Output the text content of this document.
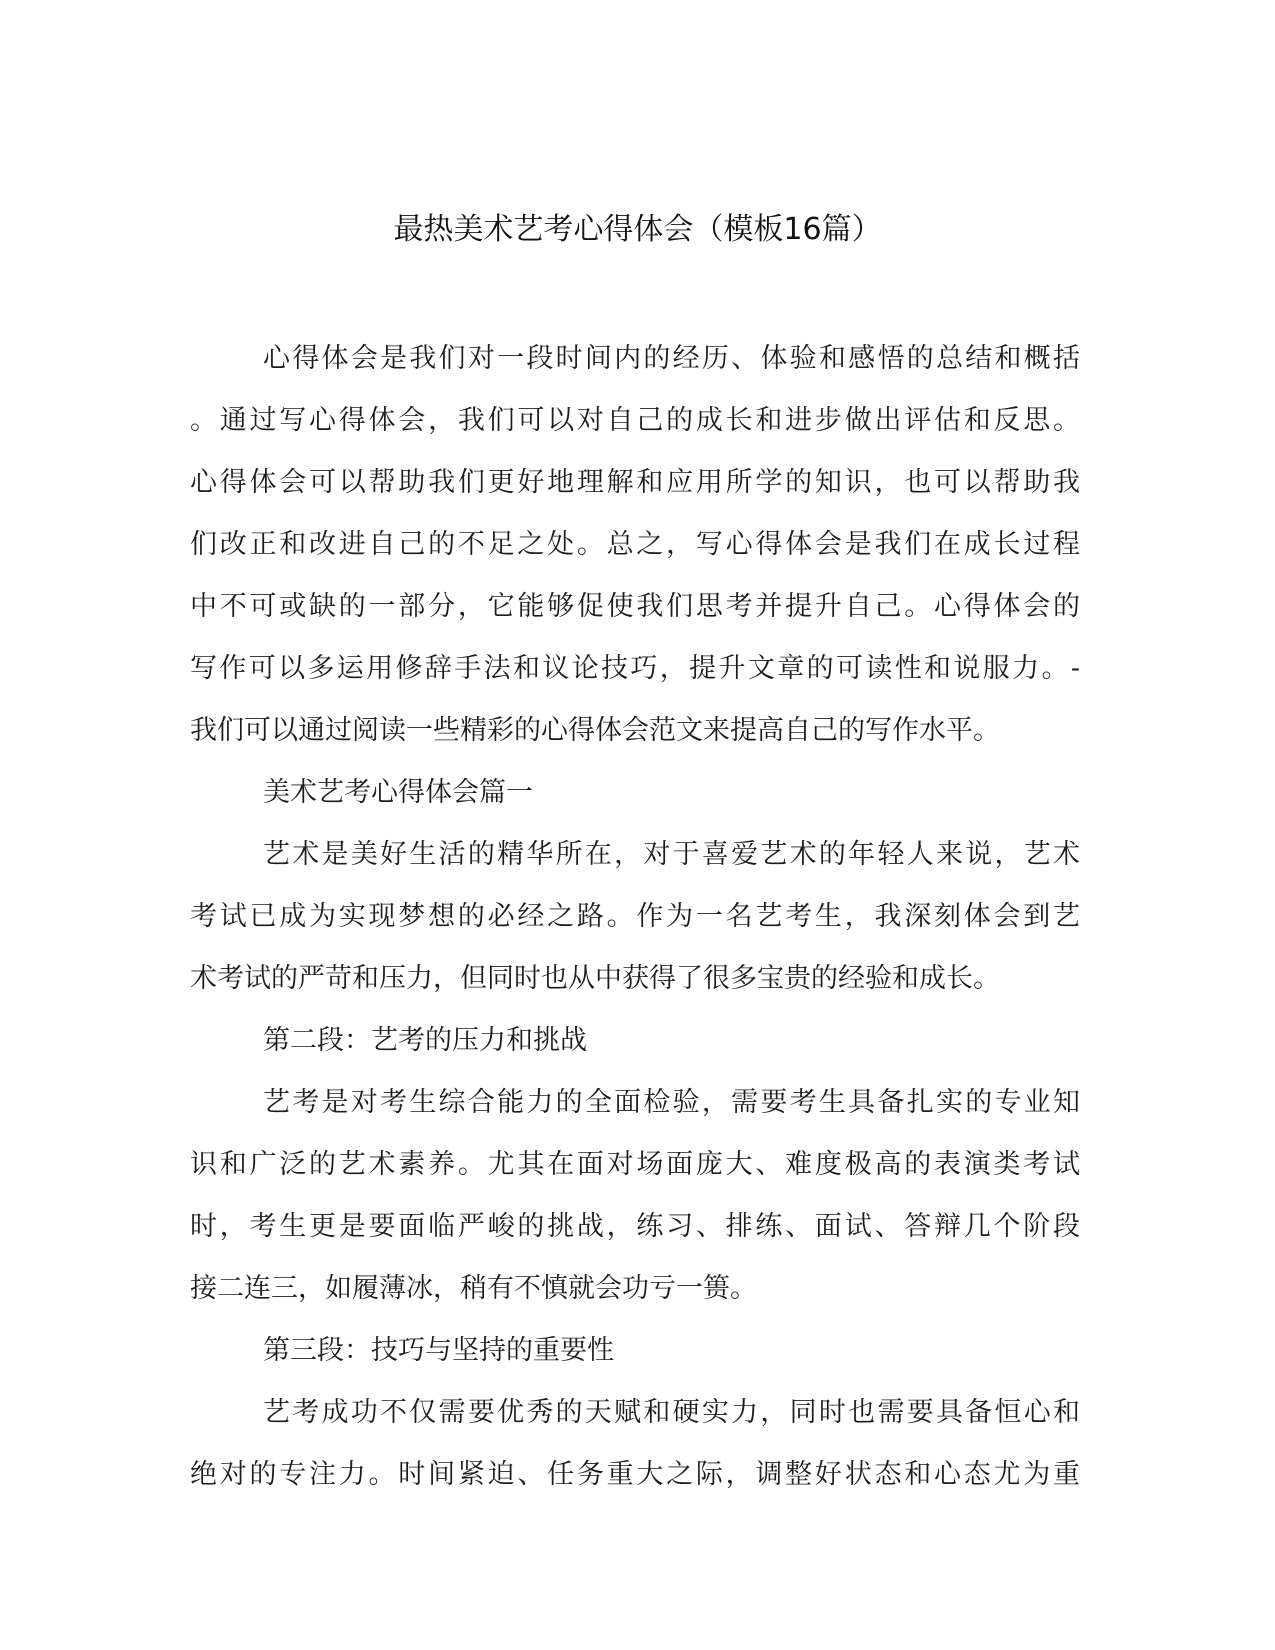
最热美术艺考心得体会（模板16篇）
心得体会是我们对一段时间内的经历、体验和感悟的总结和概括
。通过写心得体会，我们可以对自己的成长和进步做出评估和反思。
心得体会可以帮助我们更好地理解和应用所学的知识，也可以帮助我
们改正和改进自己的不足之处。总之，写心得体会是我们在成长过程
中不可或缺的一部分，它能够促使我们思考并提升自己。心得体会的
写作可以多运用修辞手法和议论技巧，提升文章的可读性和说服力。-
我们可以通过阅读一些精彩的心得体会范文来提高自己的写作水平。
美术艺考心得体会篇一
艺术是美好生活的精华所在，对于喜爱艺术的年轻人来说，艺术
考试已成为实现梦想的必经之路。作为一名艺考生，我深刻体会到艺
术考试的严苛和压力，但同时也从中获得了很多宝贵的经验和成长。
第二段：艺考的压力和挑战
艺考是对考生综合能力的全面检验，需要考生具备扎实的专业知
识和广泛的艺术素养。尤其在面对场面庞大、难度极高的表演类考试
时，考生更是要面临严峻的挑战，练习、排练、面试、答辩几个阶段
接二连三，如履薄冰，稍有不慎就会功亏一篑。
第三段：技巧与坚持的重要性
艺考成功不仅需要优秀的天赋和硬实力，同时也需要具备恒心和
绝对的专注力。时间紧迫、任务重大之际，调整好状态和心态尤为重
